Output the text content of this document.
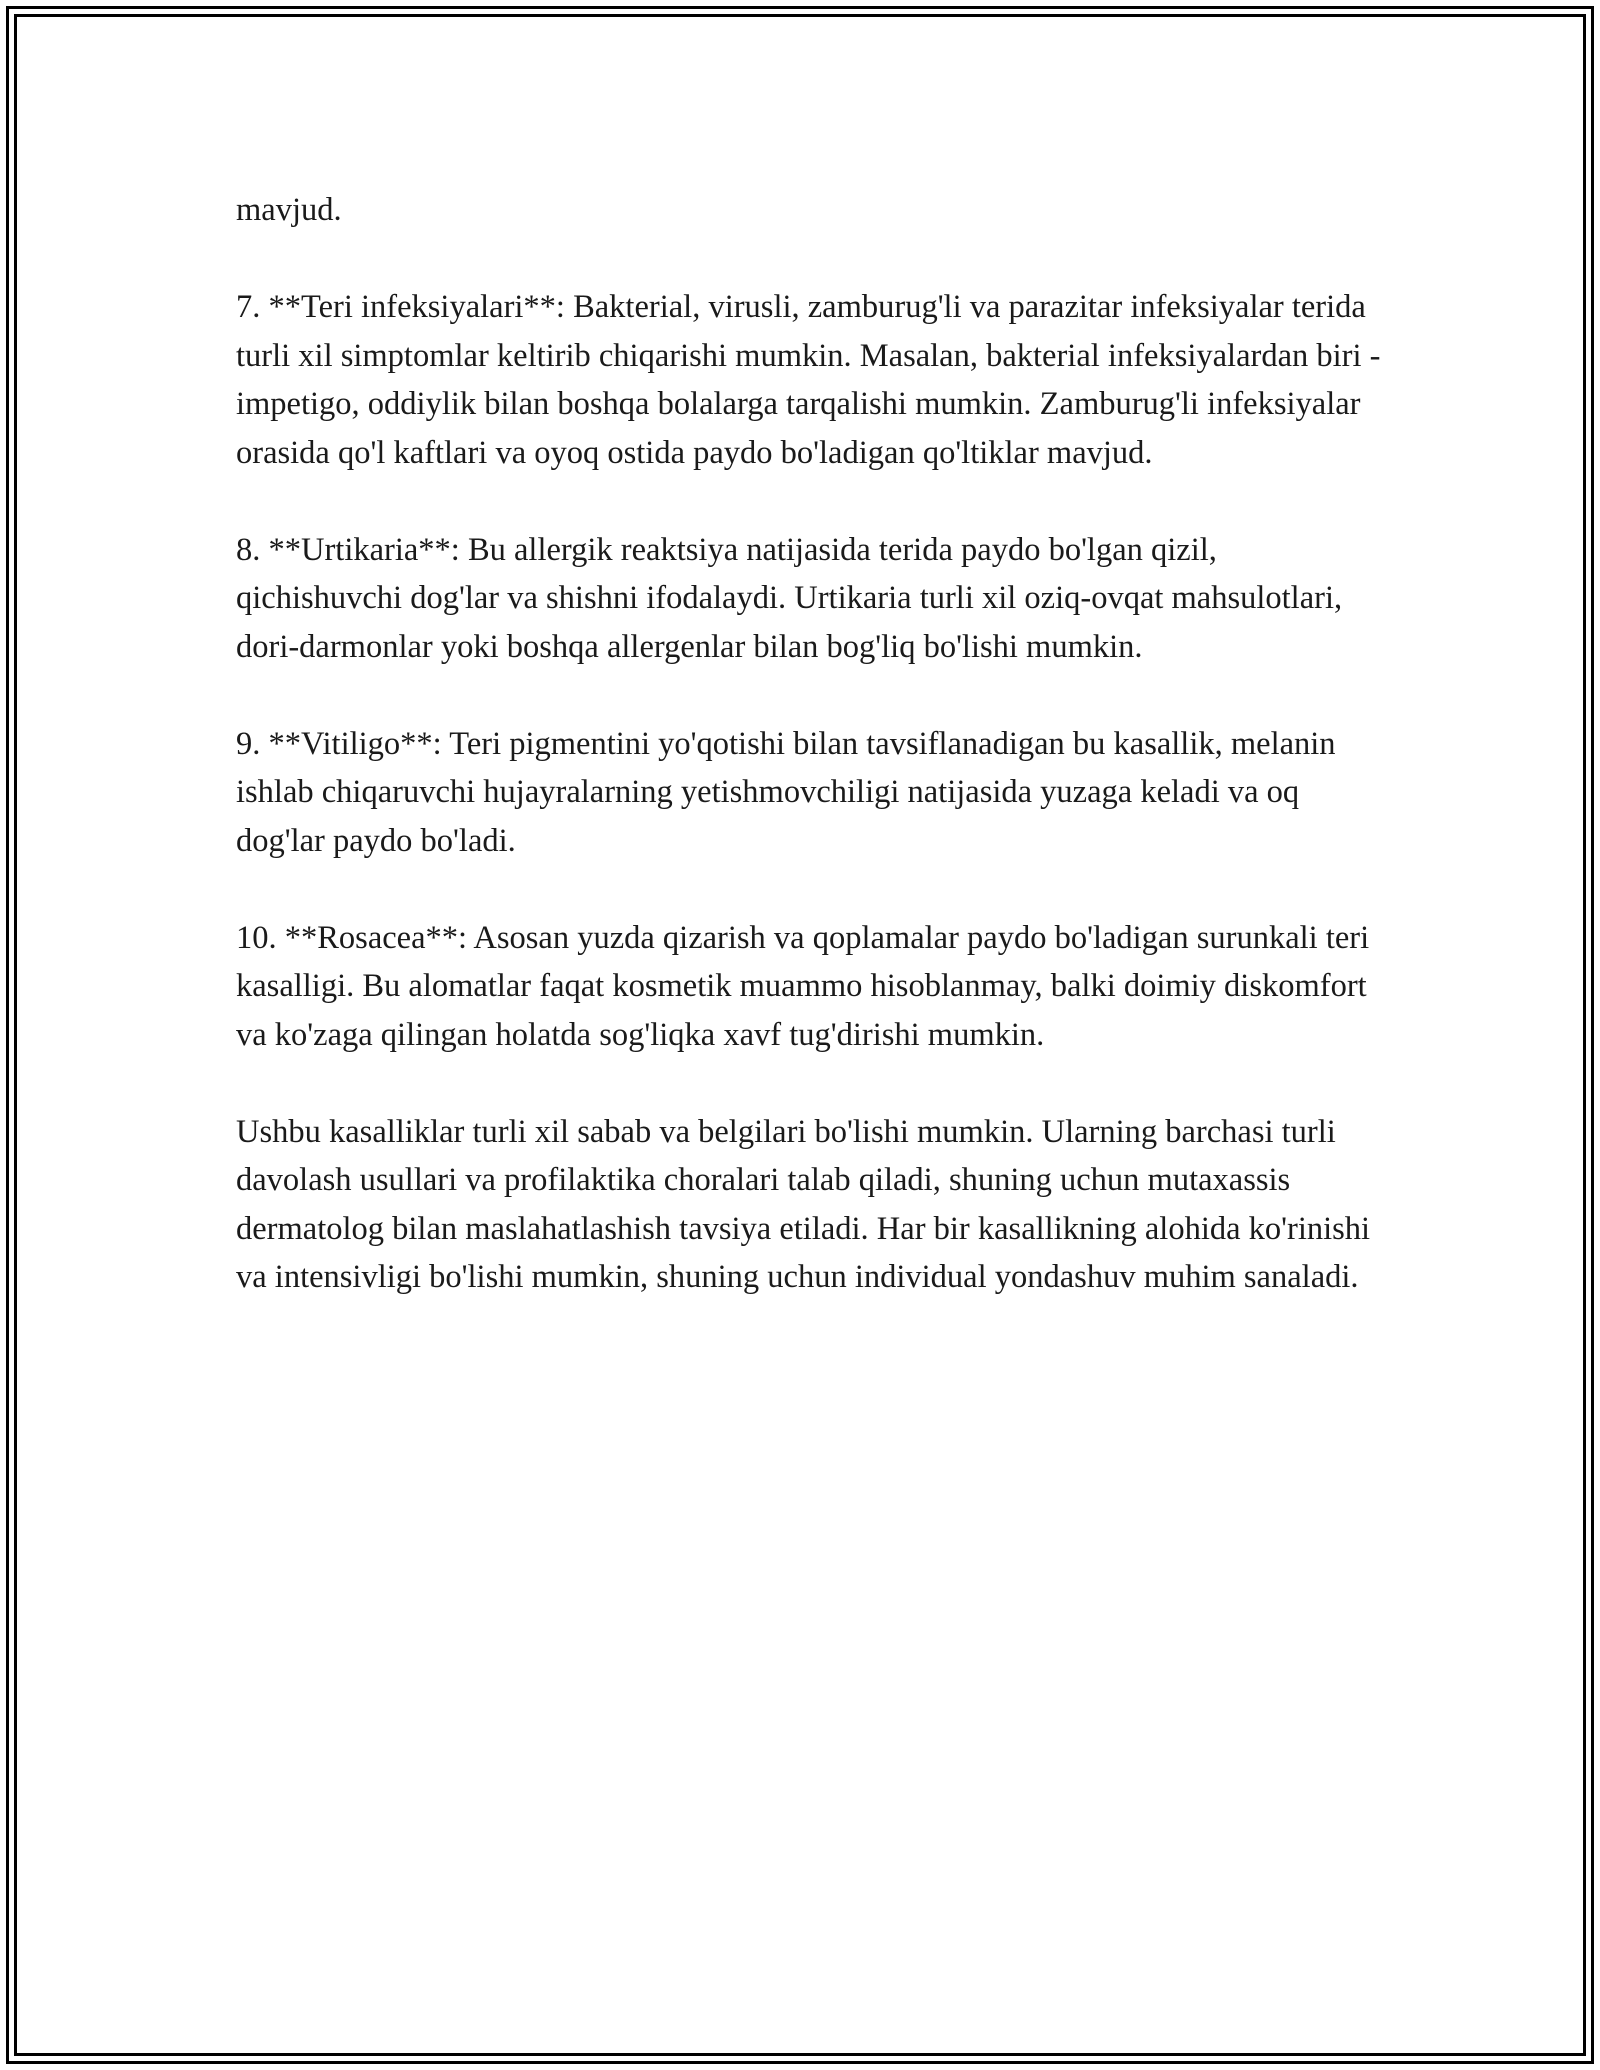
mavjud.

7. **Teri infeksiyalari**: Bakterial, virusli, zamburug'li va parazitar infeksiyalar terida turli xil simptomlar keltirib chiqarishi mumkin. Masalan, bakterial infeksiyalardan biri - impetigo, oddiylik bilan boshqa bolalarga tarqalishi mumkin. Zamburug'li infeksiyalar orasida qo'l kaftlari va oyoq ostida paydo bo'ladigan qo'ltiklar mavjud.

8. **Urtikaria**: Bu allergik reaktsiya natijasida terida paydo bo'lgan qizil, qichishuvchi dog'lar va shishni ifodalaydi. Urtikaria turli xil oziq-ovqat mahsulotlari, dori-darmonlar yoki boshqa allergenlar bilan bog'liq bo'lishi mumkin.

9. **Vitiligo**: Teri pigmentini yo'qotishi bilan tavsiflanadigan bu kasallik, melanin ishlab chiqaruvchi hujayralarning yetishmovchiligi natijasida yuzaga keladi va oq dog'lar paydo bo'ladi.

10. **Rosacea**: Asosan yuzda qizarish va qoplamalar paydo bo'ladigan surunkali teri kasalligi. Bu alomatlar faqat kosmetik muammo hisoblanmay, balki doimiy diskomfort va ko'zaga qilingan holatda sog'liqka xavf tug'dirishi mumkin.

Ushbu kasalliklar turli xil sabab va belgilari bo'lishi mumkin. Ularning barchasi turli davolash usullari va profilaktika choralari talab qiladi, shuning uchun mutaxassis dermatolog bilan maslahatlashish tavsiya etiladi. Har bir kasallikning alohida ko'rinishi va intensivligi bo'lishi mumkin, shuning uchun individual yondashuv muhim sanaladi.
